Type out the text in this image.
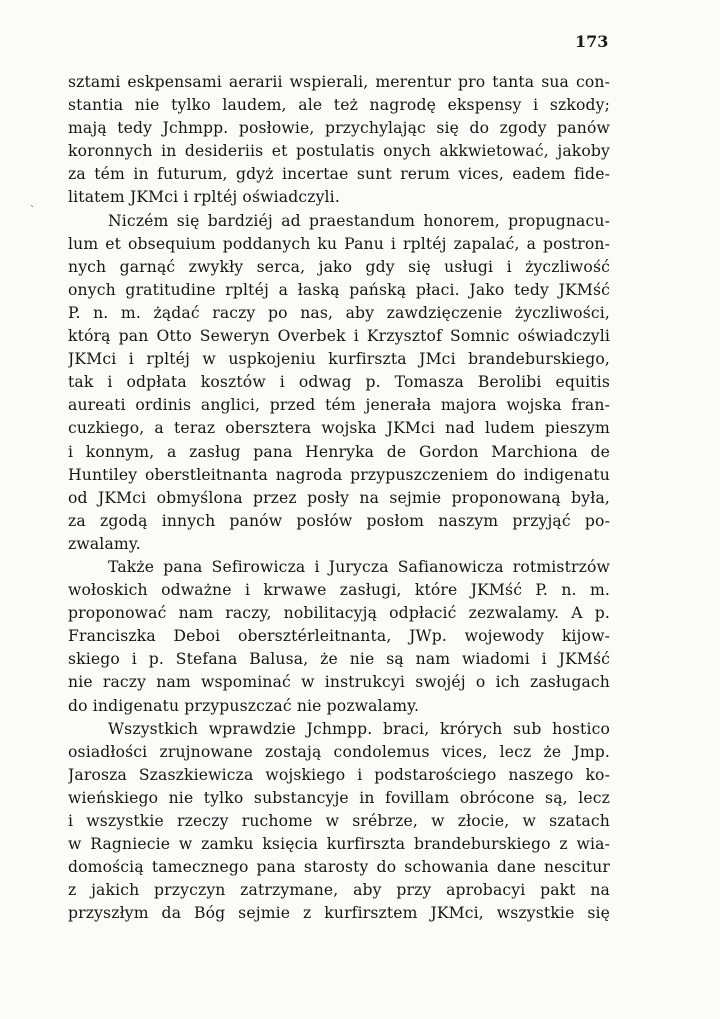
173
`
sztami eskpensami aerarii wspierali, merentur pro tanta sua con-
stantia nie tylko laudem, ale też nagrodę ekspensy i szkody;
mają tedy Jchmpp. posłowie, przychylając się do zgody panów
koronnych in desideriis et postulatis onych akkwietować, jakoby
za tém in futurum, gdyż incertae sunt rerum vices, eadem fide-
litatem JKMci i rpltéj oświadczyli.
Niczém się bardziéj ad praestandum honorem, propugnacu-
lum et obsequium poddanych ku Panu i rpltéj zapalać, a postron-
nych garnąć zwykły serca, jako gdy się usługi i życzliwość
onych gratitudine rpltéj a łaską pańską płaci. Jako tedy JKMść
P. n. m. żądać raczy po nas, aby zawdzięczenie życzliwości,
którą pan Otto Seweryn Overbek i Krzysztof Somnic oświadczyli
JKMci i rpltéj w uspkojeniu kurfirszta JMci brandeburskiego,
tak i odpłata kosztów i odwag p. Tomasza Berolibi equitis
aureati ordinis anglici, przed tém jenerała majora wojska fran-
cuzkiego, a teraz obersztera wojska JKMci nad ludem pieszym
i konnym, a zasług pana Henryka de Gordon Marchiona de
Huntiley oberstleitnanta nagroda przypuszczeniem do indigenatu
od JKMci obmyślona przez posły na sejmie proponowaną była,
za zgodą innych panów posłów posłom naszym przyjąć po-
zwalamy.
Także pana Sefirowicza i Jurycza Safianowicza rotmistrzów
wołoskich odważne i krwawe zasługi, które JKMść P. n. m.
proponować nam raczy, nobilitacyją odpłacić zezwalamy. A p.
Franciszka Deboi obersztérleitnanta, JWp. wojewody kijow-
skiego i p. Stefana Balusa, że nie są nam wiadomi i JKMść
nie raczy nam wspominać w instrukcyi swojéj o ich zasługach
do indigenatu przypuszczać nie pozwalamy.
Wszystkich wprawdzie Jchmpp. braci, krórych sub hostico
osiadłości zrujnowane zostają condolemus vices, lecz że Jmp.
Jarosza Szaszkiewicza wojskiego i podstarościego naszego ko-
wieńskiego nie tylko substancyje in fovillam obrócone są, lecz
i wszystkie rzeczy ruchome w srébrze, w złocie, w szatach
w Ragniecie w zamku księcia kurfirszta brandeburskiego z wia-
domością tamecznego pana starosty do schowania dane nescitur
z jakich przyczyn zatrzymane, aby przy aprobacyi pakt na
przyszłym da Bóg sejmie z kurfirsztem JKMci, wszystkie się
